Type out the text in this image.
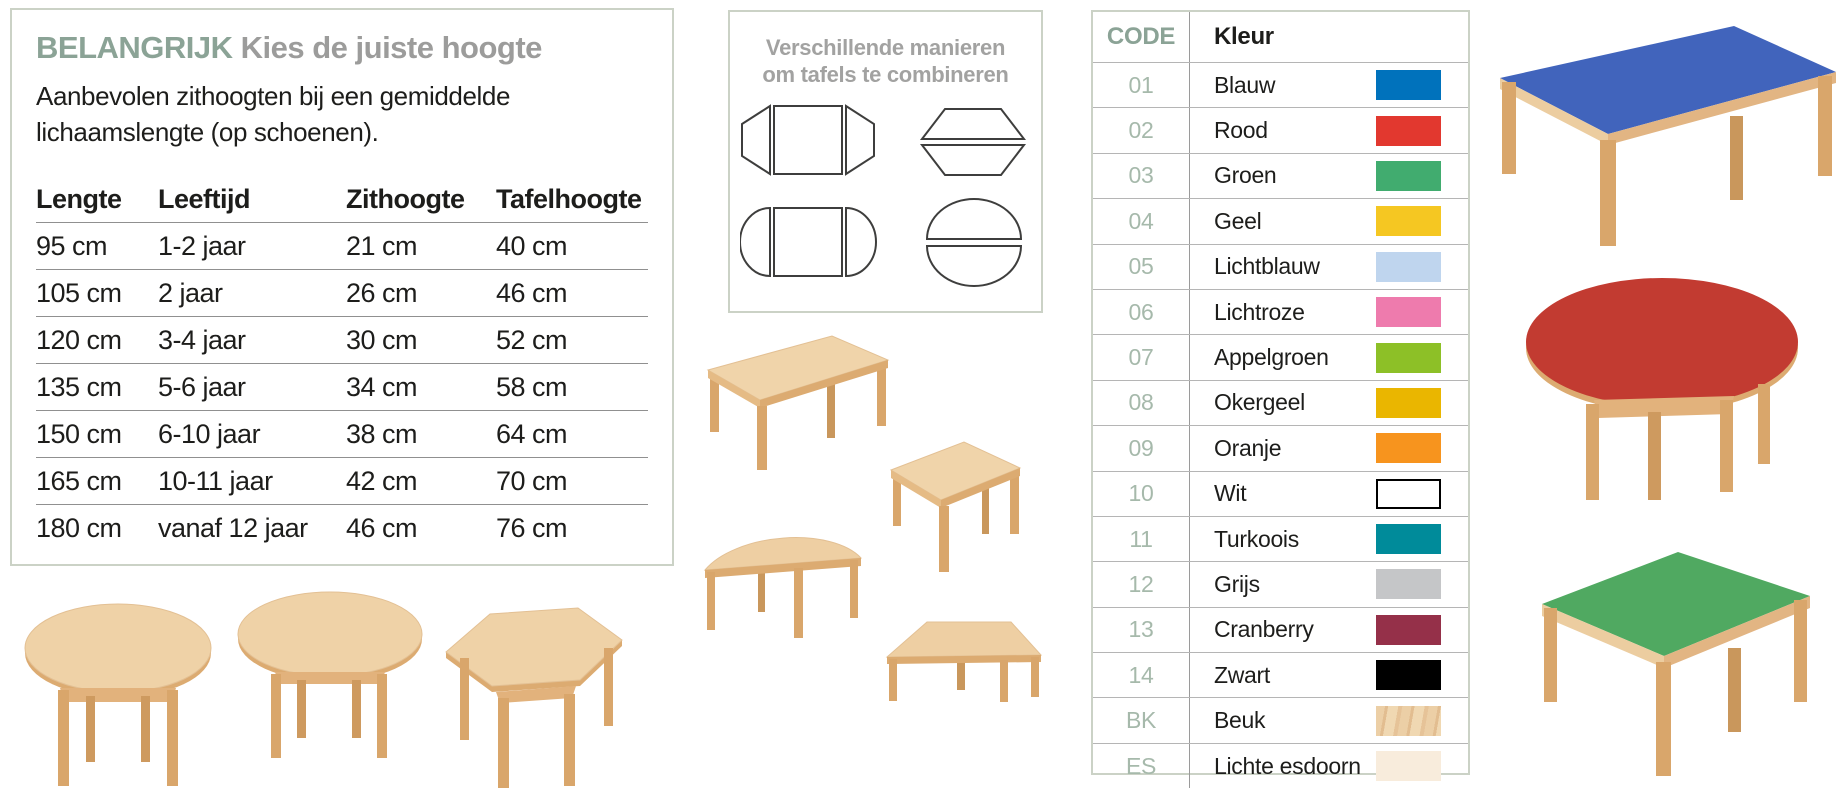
BELANGRIJK Kies de juiste hoogte

Aanbevolen zithoogten bij een gemiddelde lichaamslengte (op schoenen).

Lengte	Leeftijd	Zithoogte	Tafelhoogte
95 cm	1-2 jaar	21 cm	40 cm
105 cm	2 jaar	26 cm	46 cm
120 cm	3-4 jaar	30 cm	52 cm
135 cm	5-6 jaar	34 cm	58 cm
150 cm	6-10 jaar	38 cm	64 cm
165 cm	10-11 jaar	42 cm	70 cm
180 cm	vanaf 12 jaar	46 cm	76 cm
Verschillende manieren
om tafels te combineren
CODE	Kleur
01	Blauw
02	Rood
03	Groen
04	Geel
05	Lichtblauw
06	Lichtroze
07	Appelgroen
08	Okergeel
09	Oranje
10	Wit
11	Turkoois
12	Grijs
13	Cranberry
14	Zwart
BK	Beuk
ES	Lichte esdoorn
